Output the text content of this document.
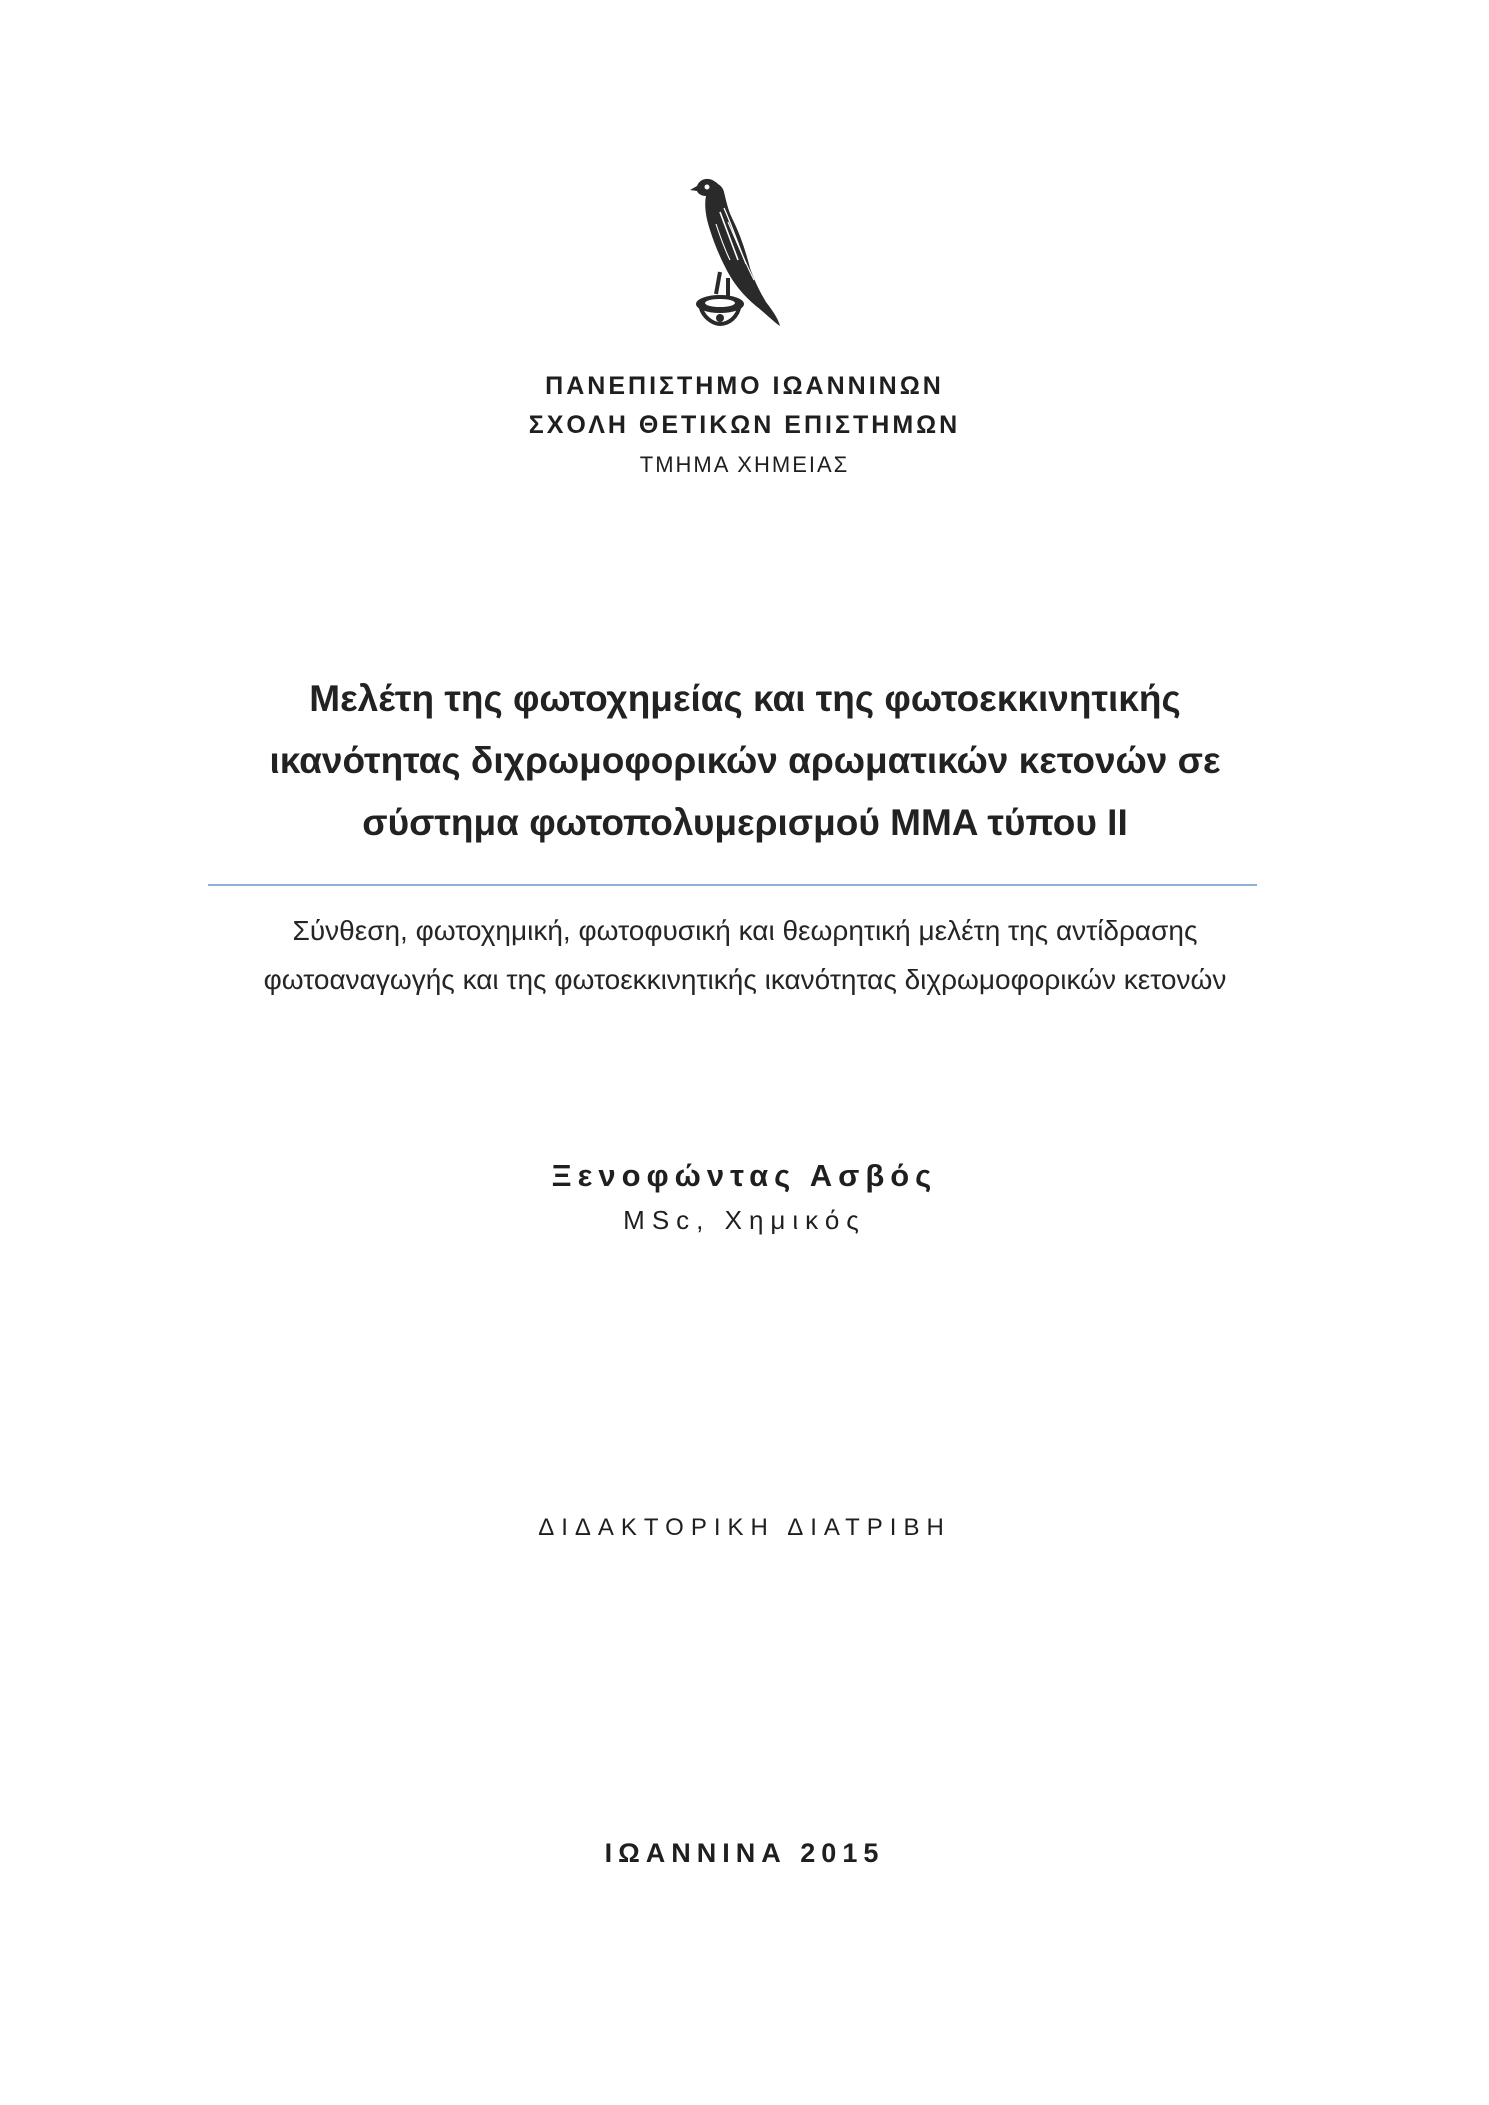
ΠΑΝΕΠΙΣΤΗΜΟ ΙΩΑΝΝΙΝΩΝ
ΣΧΟΛΗ ΘΕΤΙΚΩΝ ΕΠΙΣΤΗΜΩΝ
ΤΜΗΜΑ ΧΗΜΕΙΑΣ
Μελέτη της φωτοχημείας και της φωτοεκκινητικής
ικανότητας διχρωμοφορικών αρωματικών κετονών σε
σύστημα φωτοπολυμερισμού MMA τύπου II
Σύνθεση, φωτοχημική, φωτοφυσική και θεωρητική μελέτη της αντίδρασης
φωτοαναγωγής και της φωτοεκκινητικής ικανότητας διχρωμοφορικών κετονών
Ξενοφώντας Ασβός
MSc, Χημικός
ΔΙΔΑΚΤΟΡΙΚΗ ΔΙΑΤΡΙΒΗ
ΙΩΑΝΝΙΝΑ 2015
